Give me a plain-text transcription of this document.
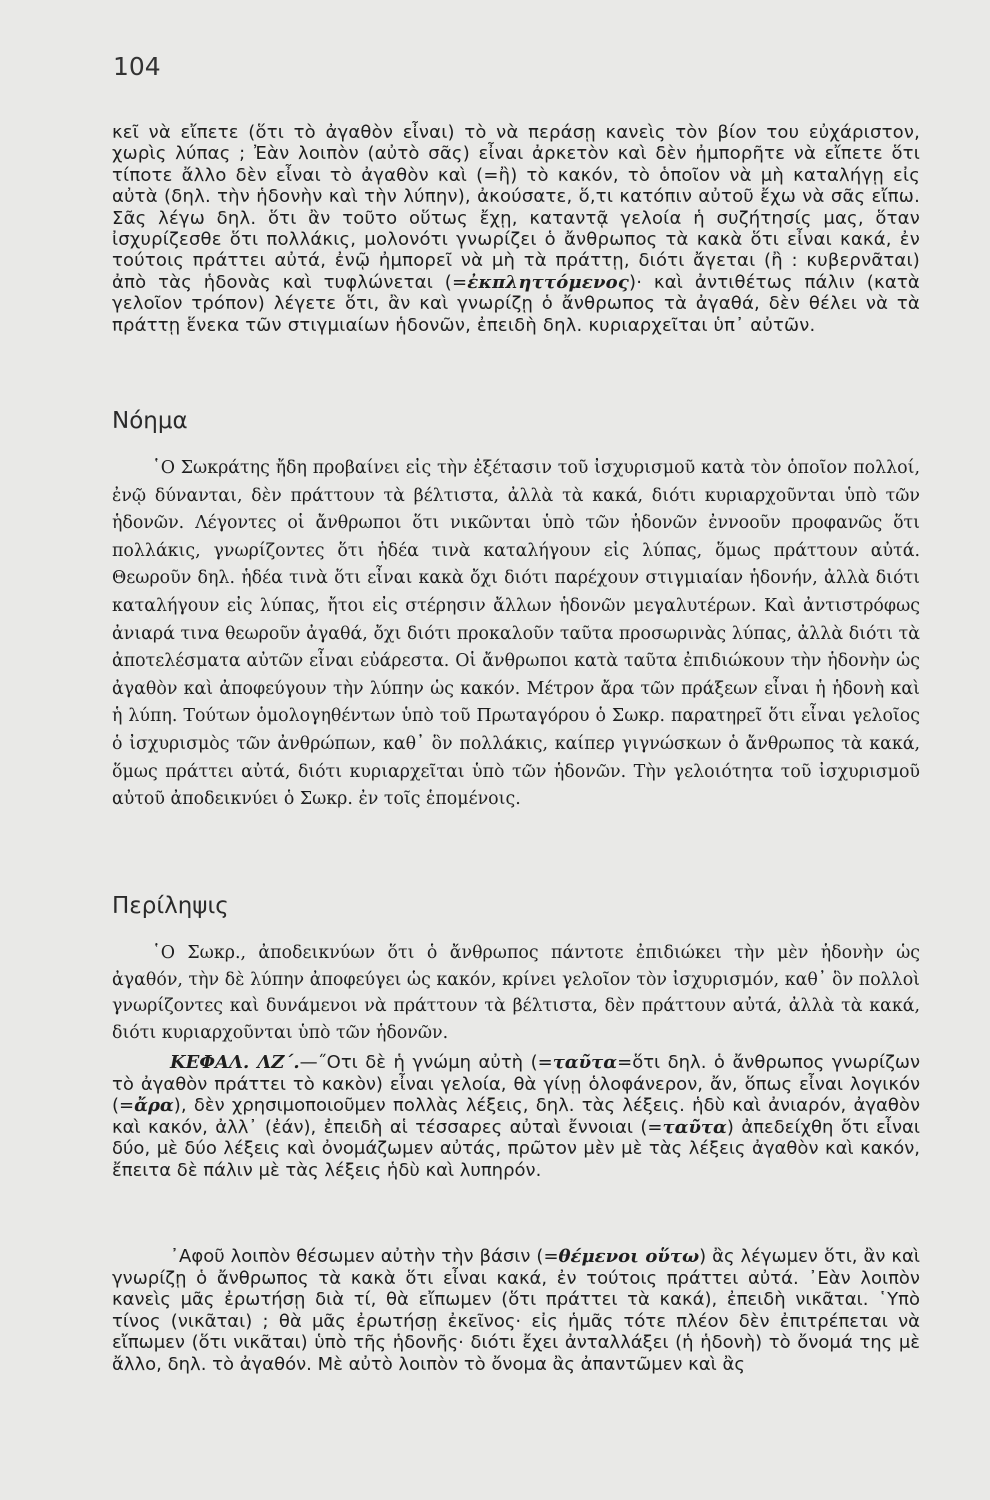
104

κεῖ νὰ εἴπετε (ὅτι τὸ ἀγαθὸν εἶναι) τὸ νὰ περάσῃ κανεὶς τὸν βίον του εὐχάριστον, χωρὶς λύπας ; Ἐὰν λοιπὸν (αὐτὸ σᾶς) εἶναι ἀρκετὸν καὶ δὲν ἠμπορῆτε νὰ εἴπετε ὅτι τίποτε ἄλλο δὲν εἶναι τὸ ἀγαθὸν καὶ (=ἢ) τὸ κακόν, τὸ ὁποῖον νὰ μὴ καταλήγῃ εἰς αὐτὰ (δηλ. τὴν ἡδονὴν καὶ τὴν λύπην), ἀκούσατε, ὅ,τι κατόπιν αὐτοῦ ἔχω νὰ σᾶς εἴπω. Σᾶς λέγω δηλ. ὅτι ἂν τοῦτο οὕτως ἔχῃ, καταντᾷ γελοία ἡ συζήτησίς μας, ὅταν ἰσχυρίζεσθε ὅτι πολλάκις, μολονότι γνωρίζει ὁ ἄνθρωπος τὰ κακὰ ὅτι εἶναι κακά, ἐν τούτοις πράττει αὐτά, ἐνῷ ἠμπορεῖ νὰ μὴ τὰ πράττῃ, διότι ἄγεται (ἢ : κυβερνᾶται) ἀπὸ τὰς ἡδονὰς καὶ τυφλώνεται (=ἐκπληττόμενος)· καὶ ἀντιθέτως πάλιν (κατὰ γελοῖον τρόπον) λέγετε ὅτι, ἂν καὶ γνωρίζῃ ὁ ἄνθρωπος τὰ ἀγαθά, δὲν θέλει νὰ τὰ πράττῃ ἕνεκα τῶν στιγμιαίων ἡδονῶν, ἐπειδὴ δηλ. κυριαρχεῖται ὑπ᾽ αὐτῶν.

Νόημα

῾Ο Σωκράτης ἤδη προβαίνει εἰς τὴν ἐξέτασιν τοῦ ἰσχυρισμοῦ κατὰ τὸν ὁποῖον πολλοί, ἐνῷ δύνανται, δὲν πράττουν τὰ βέλτιστα, ἀλλὰ τὰ κακά, διότι κυριαρχοῦνται ὑπὸ τῶν ἡδονῶν. Λέγοντες οἱ ἄνθρωποι ὅτι νικῶνται ὑπὸ τῶν ἡδονῶν ἐννοοῦν προφανῶς ὅτι πολλάκις, γνωρίζοντες ὅτι ἡδέα τινὰ καταλήγουν εἰς λύπας, ὅμως πράττουν αὐτά. Θεωροῦν δηλ. ἡδέα τινὰ ὅτι εἶναι κακὰ ὄχι διότι παρέχουν στιγμιαίαν ἡδονήν, ἀλλὰ διότι καταλήγουν εἰς λύπας, ἤτοι εἰς στέρησιν ἄλλων ἡδονῶν μεγαλυτέρων. Καὶ ἀντιστρόφως ἀνιαρά τινα θεωροῦν ἀγαθά, ὄχι διότι προκαλοῦν ταῦτα προσωρινὰς λύπας, ἀλλὰ διότι τὰ ἀποτελέσματα αὐτῶν εἶναι εὐάρεστα. Οἱ ἄνθρωποι κατὰ ταῦτα ἐπιδιώκουν τὴν ἡδονὴν ὡς ἀγαθὸν καὶ ἀποφεύγουν τὴν λύπην ὡς κακόν. Μέτρον ἄρα τῶν πράξεων εἶναι ἡ ἡδονὴ καὶ ἡ λύπη. Τούτων ὁμολογηθέντων ὑπὸ τοῦ Πρωταγόρου ὁ Σωκρ. παρατηρεῖ ὅτι εἶναι γελοῖος ὁ ἰσχυρισμὸς τῶν ἀνθρώπων, καθ᾽ ὃν πολλάκις, καίπερ γιγνώσκων ὁ ἄνθρωπος τὰ κακά, ὅμως πράττει αὐτά, διότι κυριαρχεῖται ὑπὸ τῶν ἡδονῶν. Τὴν γελοιότητα τοῦ ἰσχυρισμοῦ αὐτοῦ ἀποδεικνύει ὁ Σωκρ. ἐν τοῖς ἑπομένοις.

Περίληψις

῾Ο Σωκρ., ἀποδεικνύων ὅτι ὁ ἄνθρωπος πάντοτε ἐπιδιώκει τὴν μὲν ἡδονὴν ὡς ἀγαθόν, τὴν δὲ λύπην ἀποφεύγει ὡς κακόν, κρίνει γελοῖον τὸν ἰσχυρισμόν, καθ᾽ ὃν πολλοὶ γνωρίζοντες καὶ δυνάμενοι νὰ πράττουν τὰ βέλτιστα, δὲν πράττουν αὐτά, ἀλλὰ τὰ κακά, διότι κυριαρχοῦνται ὑπὸ τῶν ἡδονῶν.

ΚΕΦΑΛ. ΛΖ΄.—˝Οτι δὲ ἡ γνώμη αὐτὴ (=ταῦτα=ὅτι δηλ. ὁ ἄνθρωπος γνωρίζων τὸ ἀγαθὸν πράττει τὸ κακὸν) εἶναι γελοία, θὰ γίνῃ ὁλοφάνερον, ἄν, ὅπως εἶναι λογικόν (=ἄρα), δὲν χρησιμοποιοῦμεν πολλὰς λέξεις, δηλ. τὰς λέξεις. ἡδὺ καὶ ἀνιαρόν, ἀγαθὸν καὶ κακόν, ἀλλ᾽ (ἐάν), ἐπειδὴ αἱ τέσσαρες αὐταὶ ἔννοιαι (=ταῦτα) ἀπεδείχθη ὅτι εἶναι δύο, μὲ δύο λέξεις καὶ ὀνομάζωμεν αὐτάς, πρῶτον μὲν μὲ τὰς λέξεις ἀγαθὸν καὶ κακόν, ἔπειτα δὲ πάλιν μὲ τὰς λέξεις ἡδὺ καὶ λυπηρόν.

᾽Αφοῦ λοιπὸν θέσωμεν αὐτὴν τὴν βάσιν (=θέμενοι οὕτω) ἂς λέγωμεν ὅτι, ἂν καὶ γνωρίζῃ ὁ ἄνθρωπος τὰ κακὰ ὅτι εἶναι κακά, ἐν τούτοις πράττει αὐτά. ᾽Εὰν λοιπὸν κανεὶς μᾶς ἐρωτήσῃ διὰ τί, θὰ εἴπωμεν (ὅτι πράττει τὰ κακά), ἐπειδὴ νικᾶται. ῾Υπὸ τίνος (νικᾶται) ; θὰ μᾶς ἐρωτήσῃ ἐκεῖνος· εἰς ἡμᾶς τότε πλέον δὲν ἐπιτρέπεται νὰ εἴπωμεν (ὅτι νικᾶται) ὑπὸ τῆς ἡδονῆς· διότι ἔχει ἀνταλλάξει (ἡ ἡδονὴ) τὸ ὄνομά της μὲ ἄλλο, δηλ. τὸ ἀγαθόν. Μὲ αὐτὸ λοιπὸν τὸ ὄνομα ἂς ἀπαντῶμεν καὶ ἂς
